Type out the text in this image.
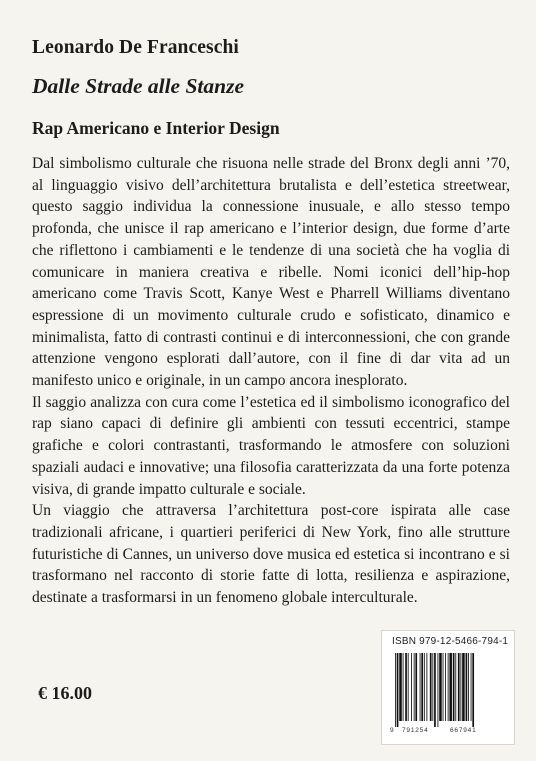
Leonardo De Franceschi
Dalle Strade alle Stanze
Rap Americano e Interior Design

Dal simbolismo culturale che risuona nelle strade del Bronx degli anni ’70, al linguaggio visivo dell’architettura brutalista e dell’estetica streetwear, questo saggio individua la connessione inusuale, e allo stesso tempo profonda, che unisce il rap americano e l’interior design, due forme d’arte che riflettono i cambiamenti e le tendenze di una società che ha voglia di comunicare in maniera creativa e ribelle. Nomi iconici dell’hip-hop americano come Travis Scott, Kanye West e Pharrell Williams diventano espressione di un movimento culturale crudo e sofisticato, dinamico e minimalista, fatto di contrasti continui e di interconnessioni, che con grande attenzione vengono esplorati dall’autore, con il fine di dar vita ad un manifesto unico e originale, in un campo ancora inesplorato.

Il saggio analizza con cura come l’estetica ed il simbolismo iconografico del rap siano capaci di definire gli ambienti con tessuti eccentrici, stampe grafiche e colori contrastanti, trasformando le atmosfere con soluzioni spaziali audaci e innovative; una filosofia caratterizzata da una forte potenza visiva, di grande impatto culturale e sociale.

Un viaggio che attraversa l’architettura post-core ispirata alle case tradizionali africane, i quartieri periferici di New York, fino alle strutture futuristiche di Cannes, un universo dove musica ed estetica si incontrano e si trasformano nel racconto di storie fatte di lotta, resilienza e aspirazione, destinate a trasformarsi in un fenomeno globale interculturale.

€ 16.00
ISBN 979-12-5466-794-1
9	791254	667941
